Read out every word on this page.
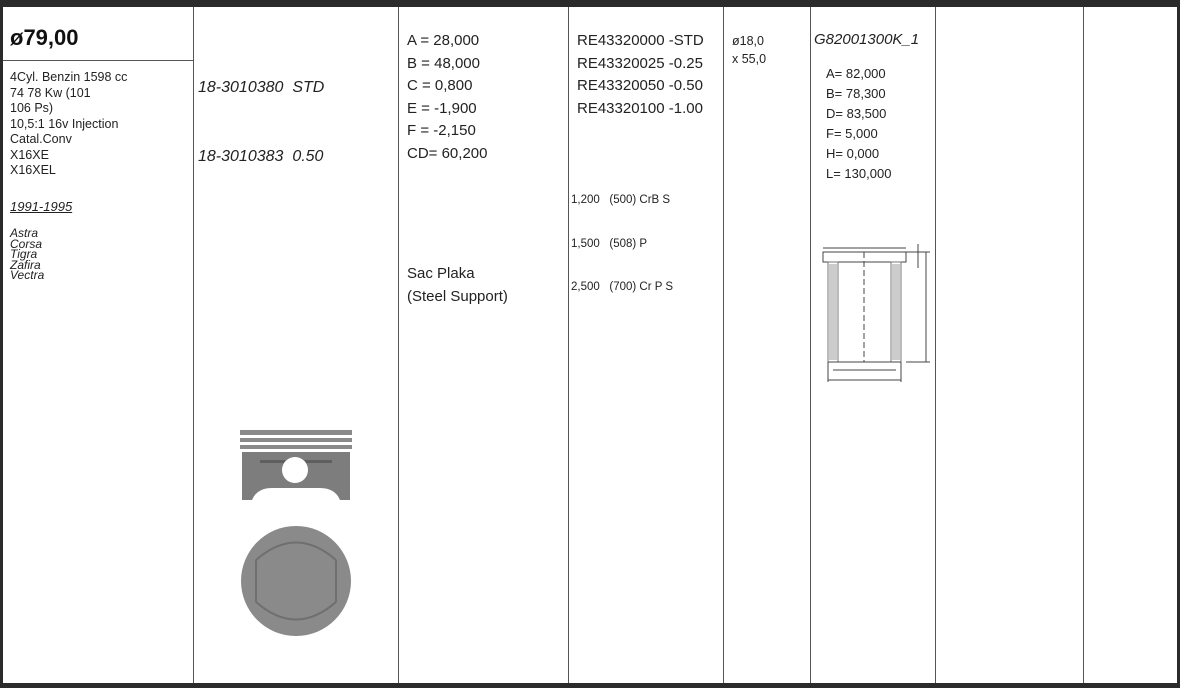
ø79,00
4Cyl. Benzin 1598 cc
74 78 Kw (101
106 Ps)
10,5:1 16v Injection
Catal.Conv
X16XE
X16XEL
1991-1995
Astra
Corsa
Tigra
Zafira
Vectra

18-3010380 STD

18-3010383 0.50

A = 28,000
B = 48,000
C = 0,800
E = -1,900
F = -2,150
CD= 60,200
Sac Plaka
(Steel Support)
RE43320000 -STD
RE43320025 -0.25
RE43320050 -0.50
RE43320100 -1.00

1,200   (500) CrB S

1,500   (508) P

2,500   (700) Cr P S

ø18,0
x 55,0
G82001300K_1
A= 82,000
B= 78,300
D= 83,500
F= 5,000
H= 0,000
L= 130,000
